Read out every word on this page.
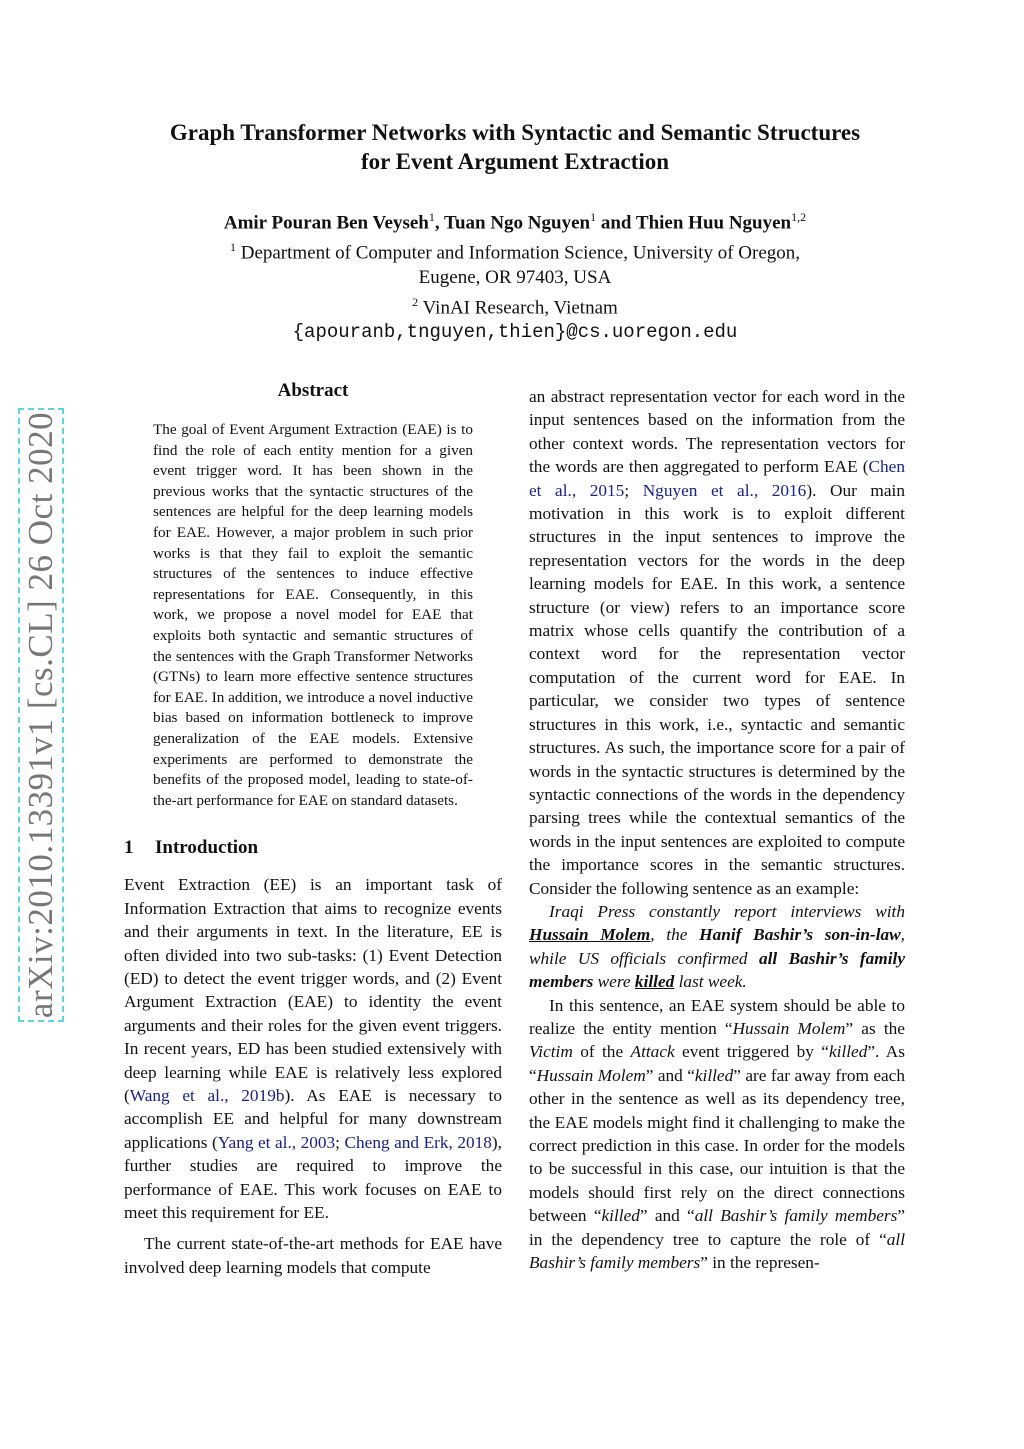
arXiv:2010.13391v1 [cs.CL] 26 Oct 2020
Graph Transformer Networks with Syntactic and Semantic Structures
for Event Argument Extraction
Amir Pouran Ben Veyseh$^1$, Tuan Ngo Nguyen$^1$ and Thien Huu Nguyen$^{1,2}$
$^1$ Department of Computer and Information Science, University of Oregon,
Eugene, OR 97403, USA
$^2$ VinAI Research, Vietnam
{apouranb,tnguyen,thien}@cs.uoregon.edu
Abstract
The goal of Event Argument Extraction (EAE) is to find the role of each entity mention for a given event trigger word. It has been shown in the previous works that the syntactic structures of the sentences are helpful for the deep learning models for EAE. However, a major problem in such prior works is that they fail to exploit the semantic structures of the sentences to induce effective representations for EAE. Consequently, in this work, we propose a novel model for EAE that exploits both syntactic and semantic structures of the sentences with the Graph Transformer Networks (GTNs) to learn more effective sentence structures for EAE. In addition, we introduce a novel inductive bias based on information bottleneck to improve generalization of the EAE models. Extensive experiments are performed to demonstrate the benefits of the proposed model, leading to state-of-the-art performance for EAE on standard datasets.
1 Introduction

Event Extraction (EE) is an important task of Information Extraction that aims to recognize events and their arguments in text. In the literature, EE is often divided into two sub-tasks: (1) Event Detection (ED) to detect the event trigger words, and (2) Event Argument Extraction (EAE) to identity the event arguments and their roles for the given event triggers. In recent years, ED has been studied extensively with deep learning while EAE is relatively less explored (Wang et al., 2019b). As EAE is necessary to accomplish EE and helpful for many downstream applications (Yang et al., 2003; Cheng and Erk, 2018), further studies are required to improve the performance of EAE. This work focuses on EAE to meet this requirement for EE.

The current state-of-the-art methods for EAE have involved deep learning models that compute

an abstract representation vector for each word in the input sentences based on the information from the other context words. The representation vectors for the words are then aggregated to perform EAE (Chen et al., 2015; Nguyen et al., 2016). Our main motivation in this work is to exploit different structures in the input sentences to improve the representation vectors for the words in the deep learning models for EAE. In this work, a sentence structure (or view) refers to an importance score matrix whose cells quantify the contribution of a context word for the representation vector computation of the current word for EAE. In particular, we consider two types of sentence structures in this work, i.e., syntactic and semantic structures. As such, the importance score for a pair of words in the syntactic structures is determined by the syntactic connections of the words in the dependency parsing trees while the contextual semantics of the words in the input sentences are exploited to compute the importance scores in the semantic structures. Consider the following sentence as an example:

Iraqi Press constantly report interviews with Hussain Molem, the Hanif Bashir’s son-in-law, while US officials confirmed all Bashir’s family members were killed last week.

In this sentence, an EAE system should be able to realize the entity mention “Hussain Molem” as the Victim of the Attack event triggered by “killed”. As “Hussain Molem” and “killed” are far away from each other in the sentence as well as its dependency tree, the EAE models might find it challenging to make the correct prediction in this case. In order for the models to be successful in this case, our intuition is that the models should first rely on the direct connections between “killed” and “all Bashir’s family members” in the dependency tree to capture the role of “all Bashir’s family members” in the represen-
